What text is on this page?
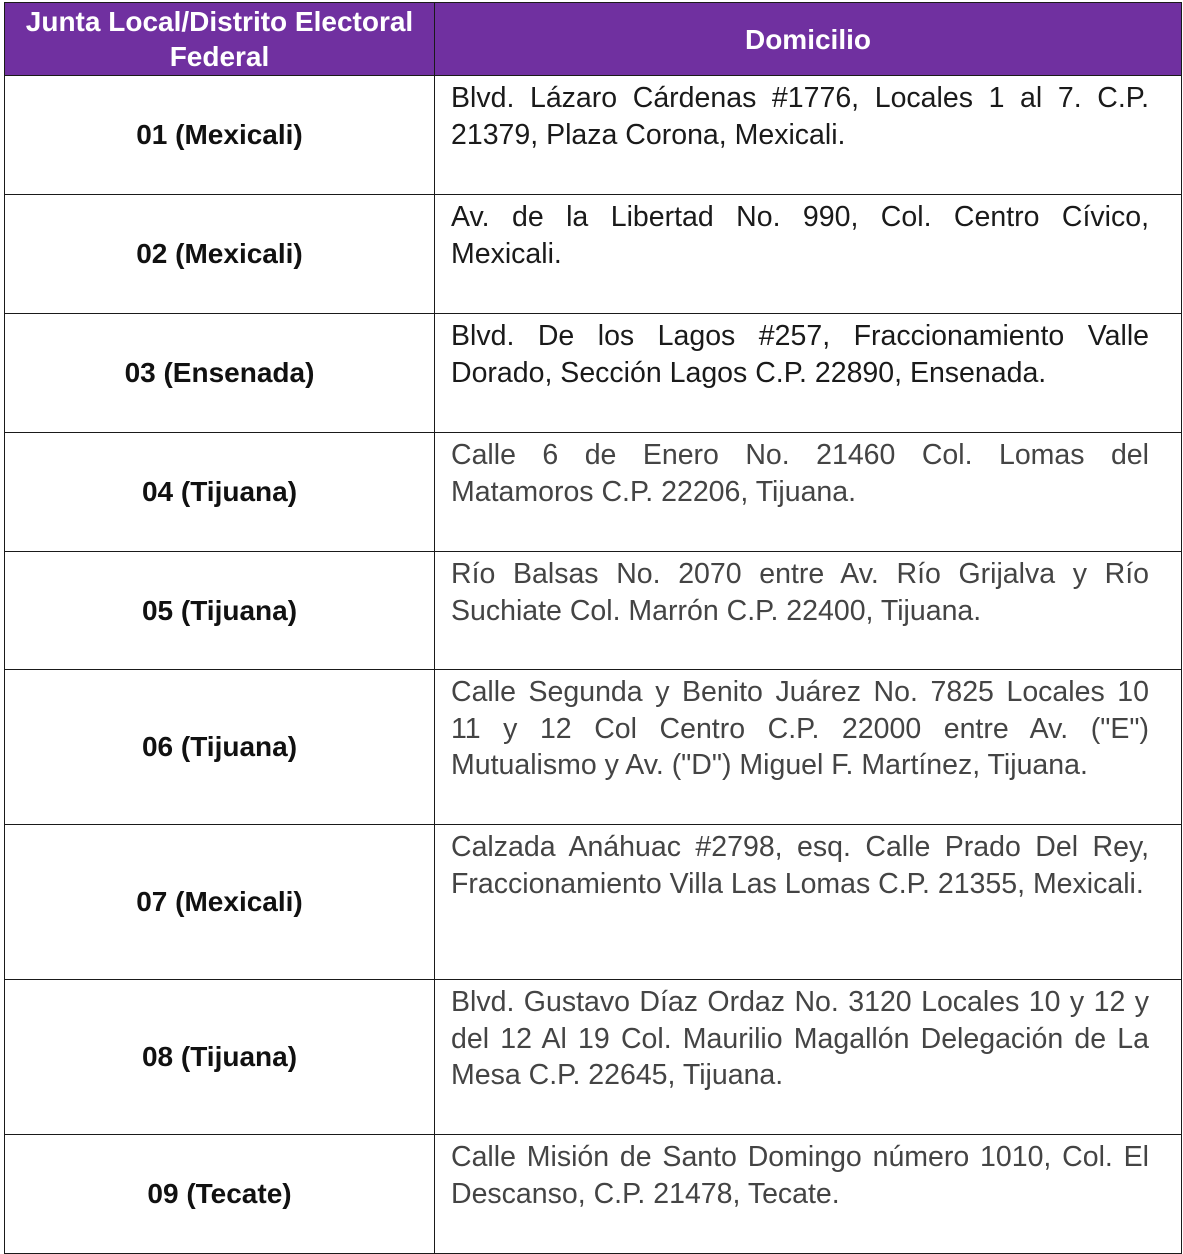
Junta Local/Distrito Electoral Federal	Domicilio
01 (Mexicali)	Blvd. Lázaro Cárdenas #1776, Locales 1 al 7. C.P. 21379, Plaza Corona, Mexicali.
02 (Mexicali)	Av. de la Libertad No. 990, Col. Centro Cívico, Mexicali.
03 (Ensenada)	Blvd. De los Lagos #257, Fraccionamiento Valle Dorado, Sección Lagos C.P. 22890, Ensenada.
04 (Tijuana)	Calle 6 de Enero No. 21460 Col. Lomas del Matamoros C.P. 22206, Tijuana.
05 (Tijuana)	Río Balsas No. 2070 entre Av. Río Grijalva y Río Suchiate Col. Marrón C.P. 22400, Tijuana.
06 (Tijuana)	Calle Segunda y Benito Juárez No. 7825 Locales 10 11 y 12 Col Centro C.P. 22000 entre Av. ("E") Mutualismo y Av. ("D") Miguel F. Martínez, Tijuana.
07 (Mexicali)	Calzada Anáhuac #2798, esq. Calle Prado Del Rey, Fraccionamiento Villa Las Lomas C.P. 21355, Mexicali.
08 (Tijuana)	Blvd. Gustavo Díaz Ordaz No. 3120 Locales 10 y 12 y del 12 Al 19 Col. Maurilio Magallón Delegación de La Mesa C.P. 22645, Tijuana.
09 (Tecate)	Calle Misión de Santo Domingo número 1010, Col. El Descanso, C.P. 21478, Tecate.
